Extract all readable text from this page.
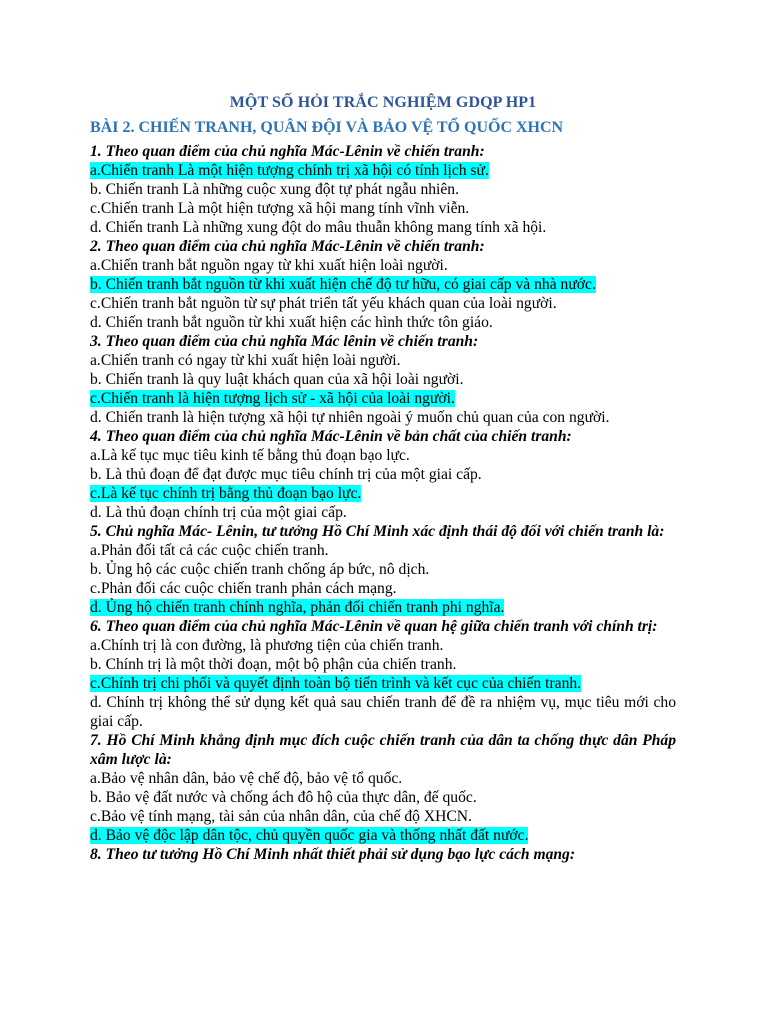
MỘT SỐ HỎI TRẮC NGHIỆM GDQP HP1
BÀI 2. CHIẾN TRANH, QUÂN ĐỘI VÀ BẢO VỆ TỔ QUỐC XHCN

1. Theo quan điểm của chủ nghĩa Mác-Lênin về chiến tranh:

a.Chiến tranh Là một hiện tượng chính trị xã hội có tính lịch sử.

b. Chiến tranh Là những cuộc xung đột tự phát ngẫu nhiên.

c.Chiến tranh Là một hiện tượng xã hội mang tính vĩnh viễn.

d. Chiến tranh Là những xung đột do mâu thuẫn không mang tính xã hội.

2. Theo quan điểm của chủ nghĩa Mác-Lênin về chiến tranh:

a.Chiến tranh bắt nguồn ngay từ khi xuất hiện loài người.

b. Chiến tranh bắt nguồn từ khi xuất hiện chế độ tư hữu, có giai cấp và nhà nước.

c.Chiến tranh bắt nguồn từ sự phát triển tất yếu khách quan của loài người.

d. Chiến tranh bắt nguồn từ khi xuất hiện các hình thức tôn giáo.

3. Theo quan điểm của chủ nghĩa Mác lênin về chiến tranh:

a.Chiến tranh có ngay từ khi xuất hiện loài người.

b. Chiến tranh là quy luật khách quan của xã hội loài người.

c.Chiến tranh là hiện tượng lịch sử - xã hội của loài người.

d. Chiến tranh là hiện tượng xã hội tự nhiên ngoài ý muốn chủ quan của con người.

4. Theo quan điểm của chủ nghĩa Mác-Lênin về bản chất của chiến tranh:

a.Là kế tục mục tiêu kinh tế bằng thủ đoạn bạo lực.

b. Là thủ đoạn để đạt được mục tiêu chính trị của một giai cấp.

c.Là kế tục chính trị bằng thủ đoạn bạo lực.

d. Là thủ đoạn chính trị của một giai cấp.

5. Chủ nghĩa Mác- Lênin, tư tưởng Hồ Chí Minh xác định thái độ đối với chiến tranh là:

a.Phản đối tất cả các cuộc chiến tranh.

b. Ủng hộ các cuộc chiến tranh chống áp bức, nô dịch.

c.Phản đối các cuộc chiến tranh phản cách mạng.

d. Ủng hộ chiến tranh chính nghĩa, phản đối chiến tranh phi nghĩa.

6. Theo quan điểm của chủ nghĩa Mác-Lênin về quan hệ giữa chiến tranh với chính trị:

a.Chính trị là con đường, là phương tiện của chiến tranh.

b. Chính trị là một thời đoạn, một bộ phận của chiến tranh.

c.Chính trị chi phối và quyết định toàn bộ tiến trình và kết cục của chiến tranh.

d. Chính trị không thể sử dụng kết quả sau chiến tranh để đề ra nhiệm vụ, mục tiêu mới cho giai cấp.

7. Hồ Chí Minh khẳng định mục đích cuộc chiến tranh của dân ta chống thực dân Pháp xâm lược là:

a.Bảo vệ nhân dân, bảo vệ chế độ, bảo vệ tổ quốc.

b. Bảo vệ đất nước và chống ách đô hộ của thực dân, đế quốc.

c.Bảo vệ tính mạng, tài sản của nhân dân, của chế độ XHCN.

d. Bảo vệ độc lập dân tộc, chủ quyền quốc gia và thống nhất đất nước.

8. Theo tư tưởng Hồ Chí Minh nhất thiết phải sử dụng bạo lực cách mạng:
